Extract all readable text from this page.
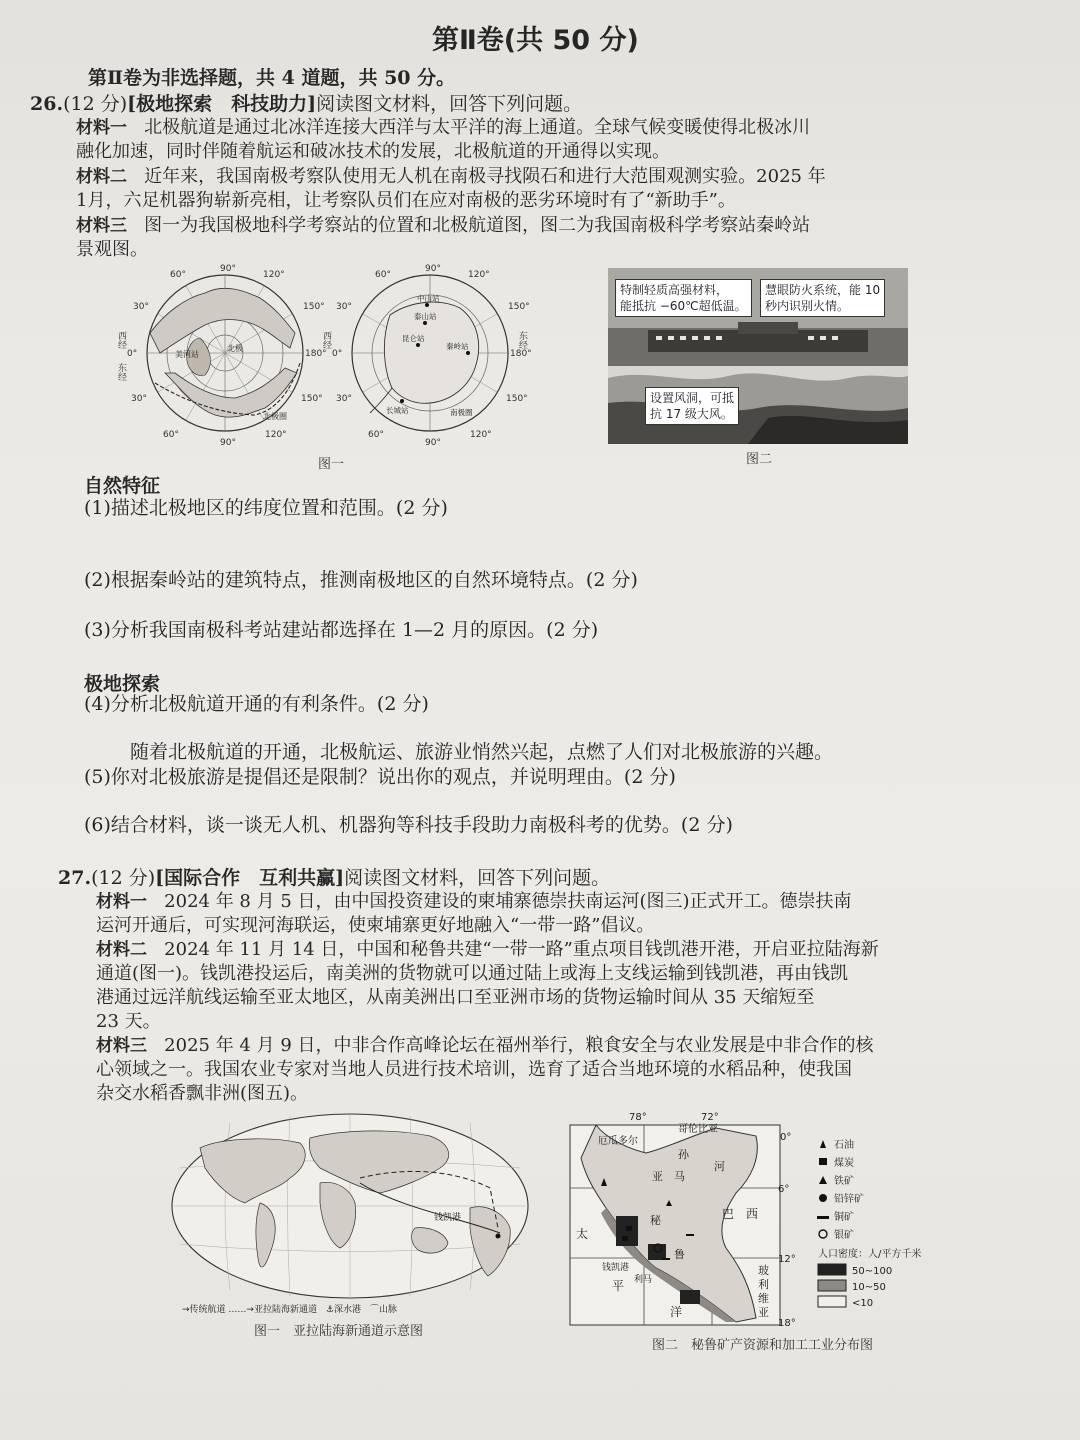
第Ⅱ卷(共 50 分)
第Ⅱ卷为非选择题，共 4 道题，共 50 分。
26.(12 分)[极地探索　科技助力]阅读图文材料，回答下列问题。
材料一 北极航道是通过北冰洋连接大西洋与太平洋的海上通道。全球气候变暖使得北极冰川
融化加速，同时伴随着航运和破冰技术的发展，北极航道的开通得以实现。
材料二 近年来，我国南极考察队使用无人机在南极寻找陨石和进行大范围观测实验。2025 年
1月，六足机器狗崭新亮相，让考察队员们在应对南极的恶劣环境时有了“新助手”。
材料三 图一为我国极地科学考察站的位置和北极航道图，图二为我国南极科学考察站秦岭站
景观图。
90°
60°	120°
30°	150°
西经
0°
东经
180°
美河站
北极
北极圈
90°
60°	120°
30°	150°
90°
60°	120°
30°	150°
西经
0°
东经
180°
中山站
泰山站
昆仑站
秦岭站
长城站	南极圈
90°
60°	120°
30°	150°
图一
特制轻质高强材料，
能抵抗 −60℃超低温。
慧眼防火系统，能 10
秒内识别火情。
设置风洞，可抵
抗 17 级大风。
图二
自然特征
(1)描述北极地区的纬度位置和范围。(2 分)
(2)根据秦岭站的建筑特点，推测南极地区的自然环境特点。(2 分)
(3)分析我国南极科考站建站都选择在 1—2 月的原因。(2 分)
极地探索
(4)分析北极航道开通的有利条件。(2 分)
随着北极航道的开通，北极航运、旅游业悄然兴起，点燃了人们对北极旅游的兴趣。
(5)你对北极旅游是提倡还是限制？说出你的观点，并说明理由。(2 分)
(6)结合材料，谈一谈无人机、机器狗等科技手段助力南极科考的优势。(2 分)
27.(12 分)[国际合作　互利共赢]阅读图文材料，回答下列问题。
材料一 2024 年 8 月 5 日，由中国投资建设的柬埔寨德崇扶南运河(图三)正式开工。德崇扶南
运河开通后，可实现河海联运，使柬埔寨更好地融入“一带一路”倡议。
材料二 2024 年 11 月 14 日，中国和秘鲁共建“一带一路”重点项目钱凯港开港，开启亚拉陆海新
通道(图一)。钱凯港投运后，南美洲的货物就可以通过陆上或海上支线运输到钱凯港，再由钱凯
港通过远洋航线运输至亚太地区，从南美洲出口至亚洲市场的货物运输时间从 35 天缩短至
23 天。
材料三 2025 年 4 月 9 日，中非合作高峰论坛在福州举行，粮食安全与农业发展是中非合作的核
心领域之一。我国农业专家对当地人员进行技术培训，选育了适合当地环境的水稻品种，使我国
杂交水稻香飘非洲(图五)。
钱凯港
→传统航道 ……→亚拉陆海新通道　⚓深水港　⌒山脉
图一　亚拉陆海新通道示意图
78°	72°
0°
6°
12°
18°
厄瓜多尔
哥伦比亚
亚 马
孙
河
巴　西
秘
鲁
太
平
洋
利马
钱凯港	玻
利
维
亚
石油
煤炭
铁矿
铅锌矿
铜矿
银矿
人口密度：人/平方千米
50~100
10~50
<10
图二　秘鲁矿产资源和加工工业分布图
